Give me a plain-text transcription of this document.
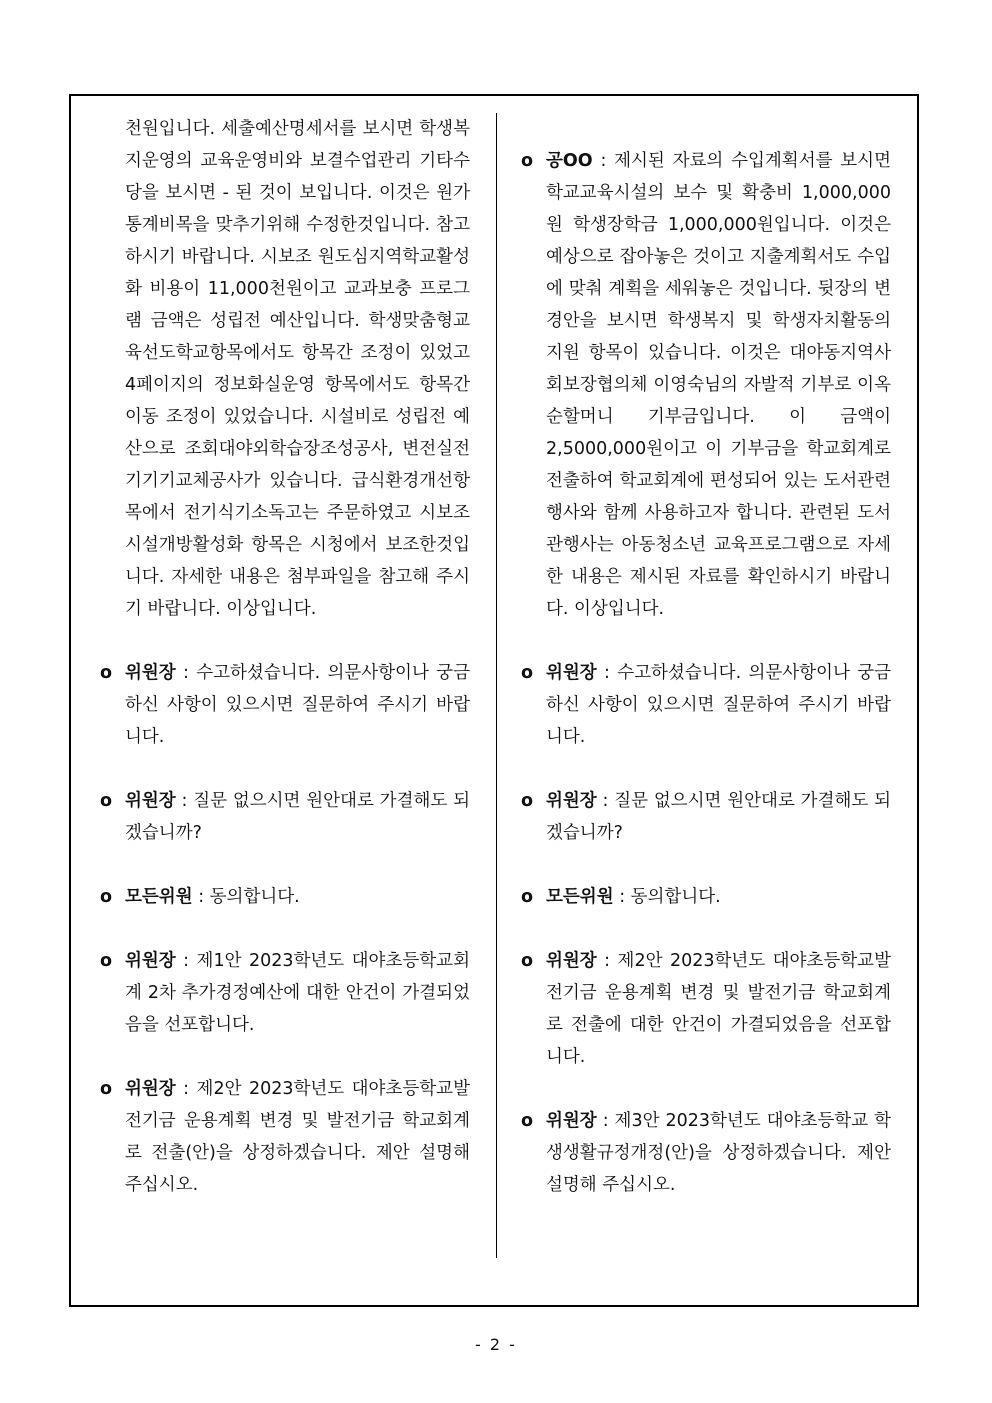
천원입니다. 세출예산명세서를 보시면 학생복지운영의 교육운영비와 보결수업관리 기타수당을 보시면 - 된 것이 보입니다. 이것은 원가통계비목을 맞추기위해 수정한것입니다. 참고하시기 바랍니다. 시보조 원도심지역학교활성화 비용이 11,000천원이고 교과보충 프로그램 금액은 성립전 예산입니다. 학생맞춤형교육선도학교항목에서도 항목간 조정이 있었고 4페이지의 정보화실운영 항목에서도 항목간 이동 조정이 있었습니다. 시설비로 성립전 예산으로 조회대야외학습장조성공사, 변전실전기기기교체공사가 있습니다. 급식환경개선항목에서 전기식기소독고는 주문하였고 시보조 시설개방활성화 항목은 시청에서 보조한것입니다. 자세한 내용은 첨부파일을 참고해 주시기 바랍니다. 이상입니다.
o 위원장 : 수고하셨습니다. 의문사항이나 궁금하신 사항이 있으시면 질문하여 주시기 바랍니다.
o 위원장 : 질문 없으시면 원안대로 가결해도 되겠습니까?
o 모든위원 : 동의합니다.
o 위원장 : 제1안 2023학년도 대야초등학교회계 2차 추가경정예산에 대한 안건이 가결되었음을 선포합니다.
o 위원장 : 제2안 2023학년도 대야초등학교발전기금 운용계획 변경 및 발전기금 학교회계로 전출(안)을 상정하겠습니다. 제안 설명해 주십시오.
o 공OO : 제시된 자료의 수입계획서를 보시면 학교교육시설의 보수 및 확충비 1,000,000원 학생장학금 1,000,000원입니다. 이것은 예상으로 잡아놓은 것이고 지출계획서도 수입에 맞춰 계획을 세워놓은 것입니다. 뒷장의 변경안을 보시면 학생복지 및 학생자치활동의 지원 항목이 있습니다. 이것은 대야동지역사회보장협의체 이영숙님의 자발적 기부로 이옥순할머니 기부금입니다. 이 금액이 2,5000,000원이고 이 기부금을 학교회계로 전출하여 학교회계에 편성되어 있는 도서관련행사와 함께 사용하고자 합니다. 관련된 도서관행사는 아동청소년 교육프로그램으로 자세한 내용은 제시된 자료를 확인하시기 바랍니다. 이상입니다.
o 위원장 : 수고하셨습니다. 의문사항이나 궁금하신 사항이 있으시면 질문하여 주시기 바랍니다.
o 위원장 : 질문 없으시면 원안대로 가결해도 되겠습니까?
o 모든위원 : 동의합니다.
o 위원장 : 제2안 2023학년도 대야초등학교발전기금 운용계획 변경 및 발전기금 학교회계로 전출에 대한 안건이 가결되었음을 선포합니다.
o 위원장 : 제3안 2023학년도 대야초등학교 학생생활규정개정(안)을 상정하겠습니다. 제안 설명해 주십시오.
- 2 -
